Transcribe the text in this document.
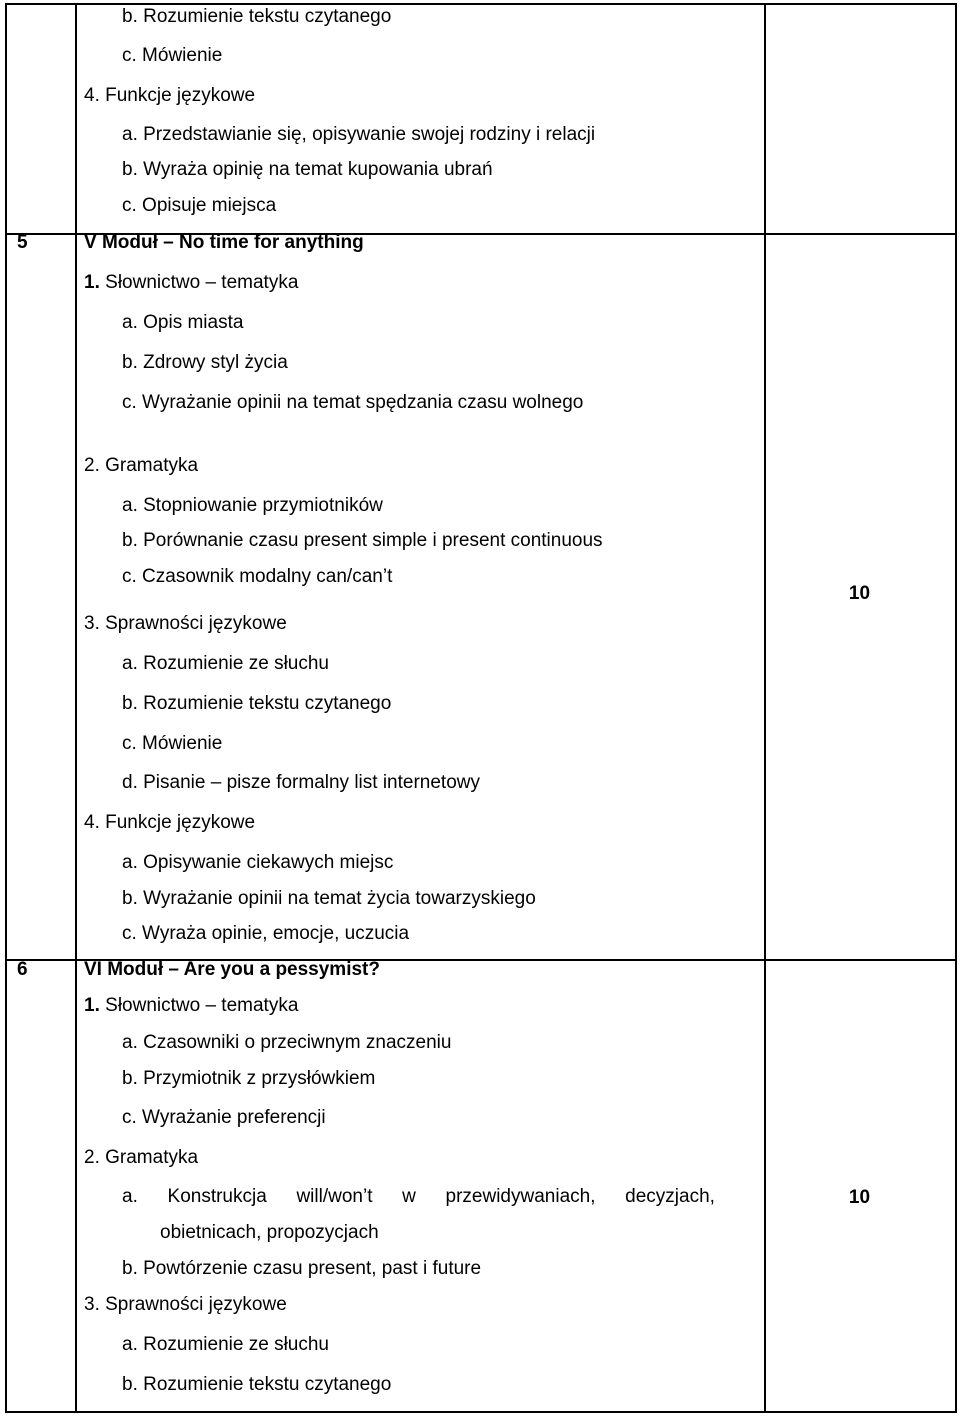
b. Rozumienie tekstu czytanego
c. Mówienie
4. Funkcje językowe
a. Przedstawianie się, opisywanie swojej rodziny i relacji
b. Wyraża opinię na temat kupowania ubrań
c. Opisuje miejsca
5	V Moduł – No time for anything
1. Słownictwo – tematyka
a. Opis miasta
b. Zdrowy styl życia
c. Wyrażanie opinii na temat spędzania czasu wolnego
2. Gramatyka
a. Stopniowanie przymiotników
b. Porównanie czasu present simple i present continuous
c. Czasownik modalny can/can’t
3. Sprawności językowe
a. Rozumienie ze słuchu
b. Rozumienie tekstu czytanego
c. Mówienie
d. Pisanie – pisze formalny list internetowy
4. Funkcje językowe
a. Opisywanie ciekawych miejsc
b. Wyrażanie opinii na temat życia towarzyskiego
c. Wyraża opinie, emocje, uczucia
10
6	VI Moduł – Are you a pessymist?
1. Słownictwo – tematyka
a. Czasowniki o przeciwnym znaczeniu
b. Przymiotnik z przysłówkiem
c. Wyrażanie preferencji
2. Gramatyka
a. Konstrukcja will/won’t w przewidywaniach, decyzjach,
obietnicach, propozycjach
b. Powtórzenie czasu present, past i future
3. Sprawności językowe
a. Rozumienie ze słuchu
b. Rozumienie tekstu czytanego
10
